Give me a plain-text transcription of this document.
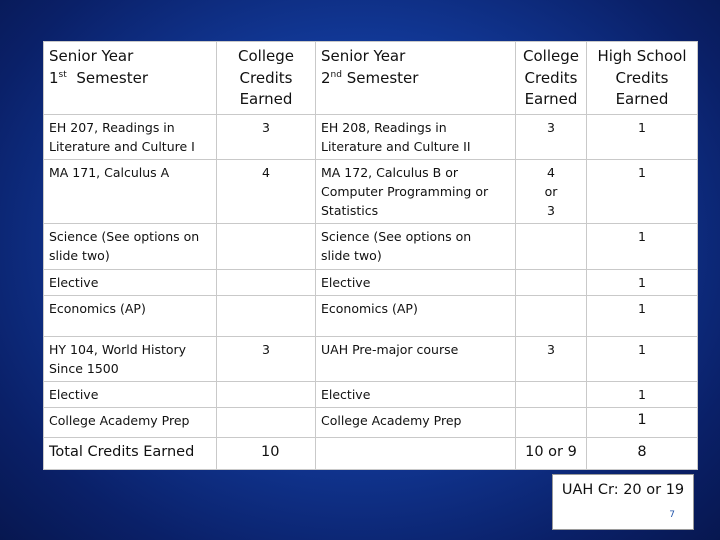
Senior Year
1st Semester	College
Credits
Earned	Senior Year
2nd Semester	College
Credits
Earned	High School
Credits
Earned
EH 207, Readings in
Literature and Culture I	3	EH 208, Readings in
Literature and Culture II	3	1
MA 171, Calculus A	4	MA 172, Calculus B or
Computer Programming or
Statistics	4
or
3	1
Science (See options on
slide two)		Science (See options on
slide two)		1
Elective		Elective		1
Economics (AP)		Economics (AP)		1
HY 104, World History
Since 1500	3	UAH Pre-major course	3	1
Elective		Elective		1
College Academy Prep		College Academy Prep		1
Total Credits Earned	10		10 or 9	8
UAH Cr: 20 or 19
7
